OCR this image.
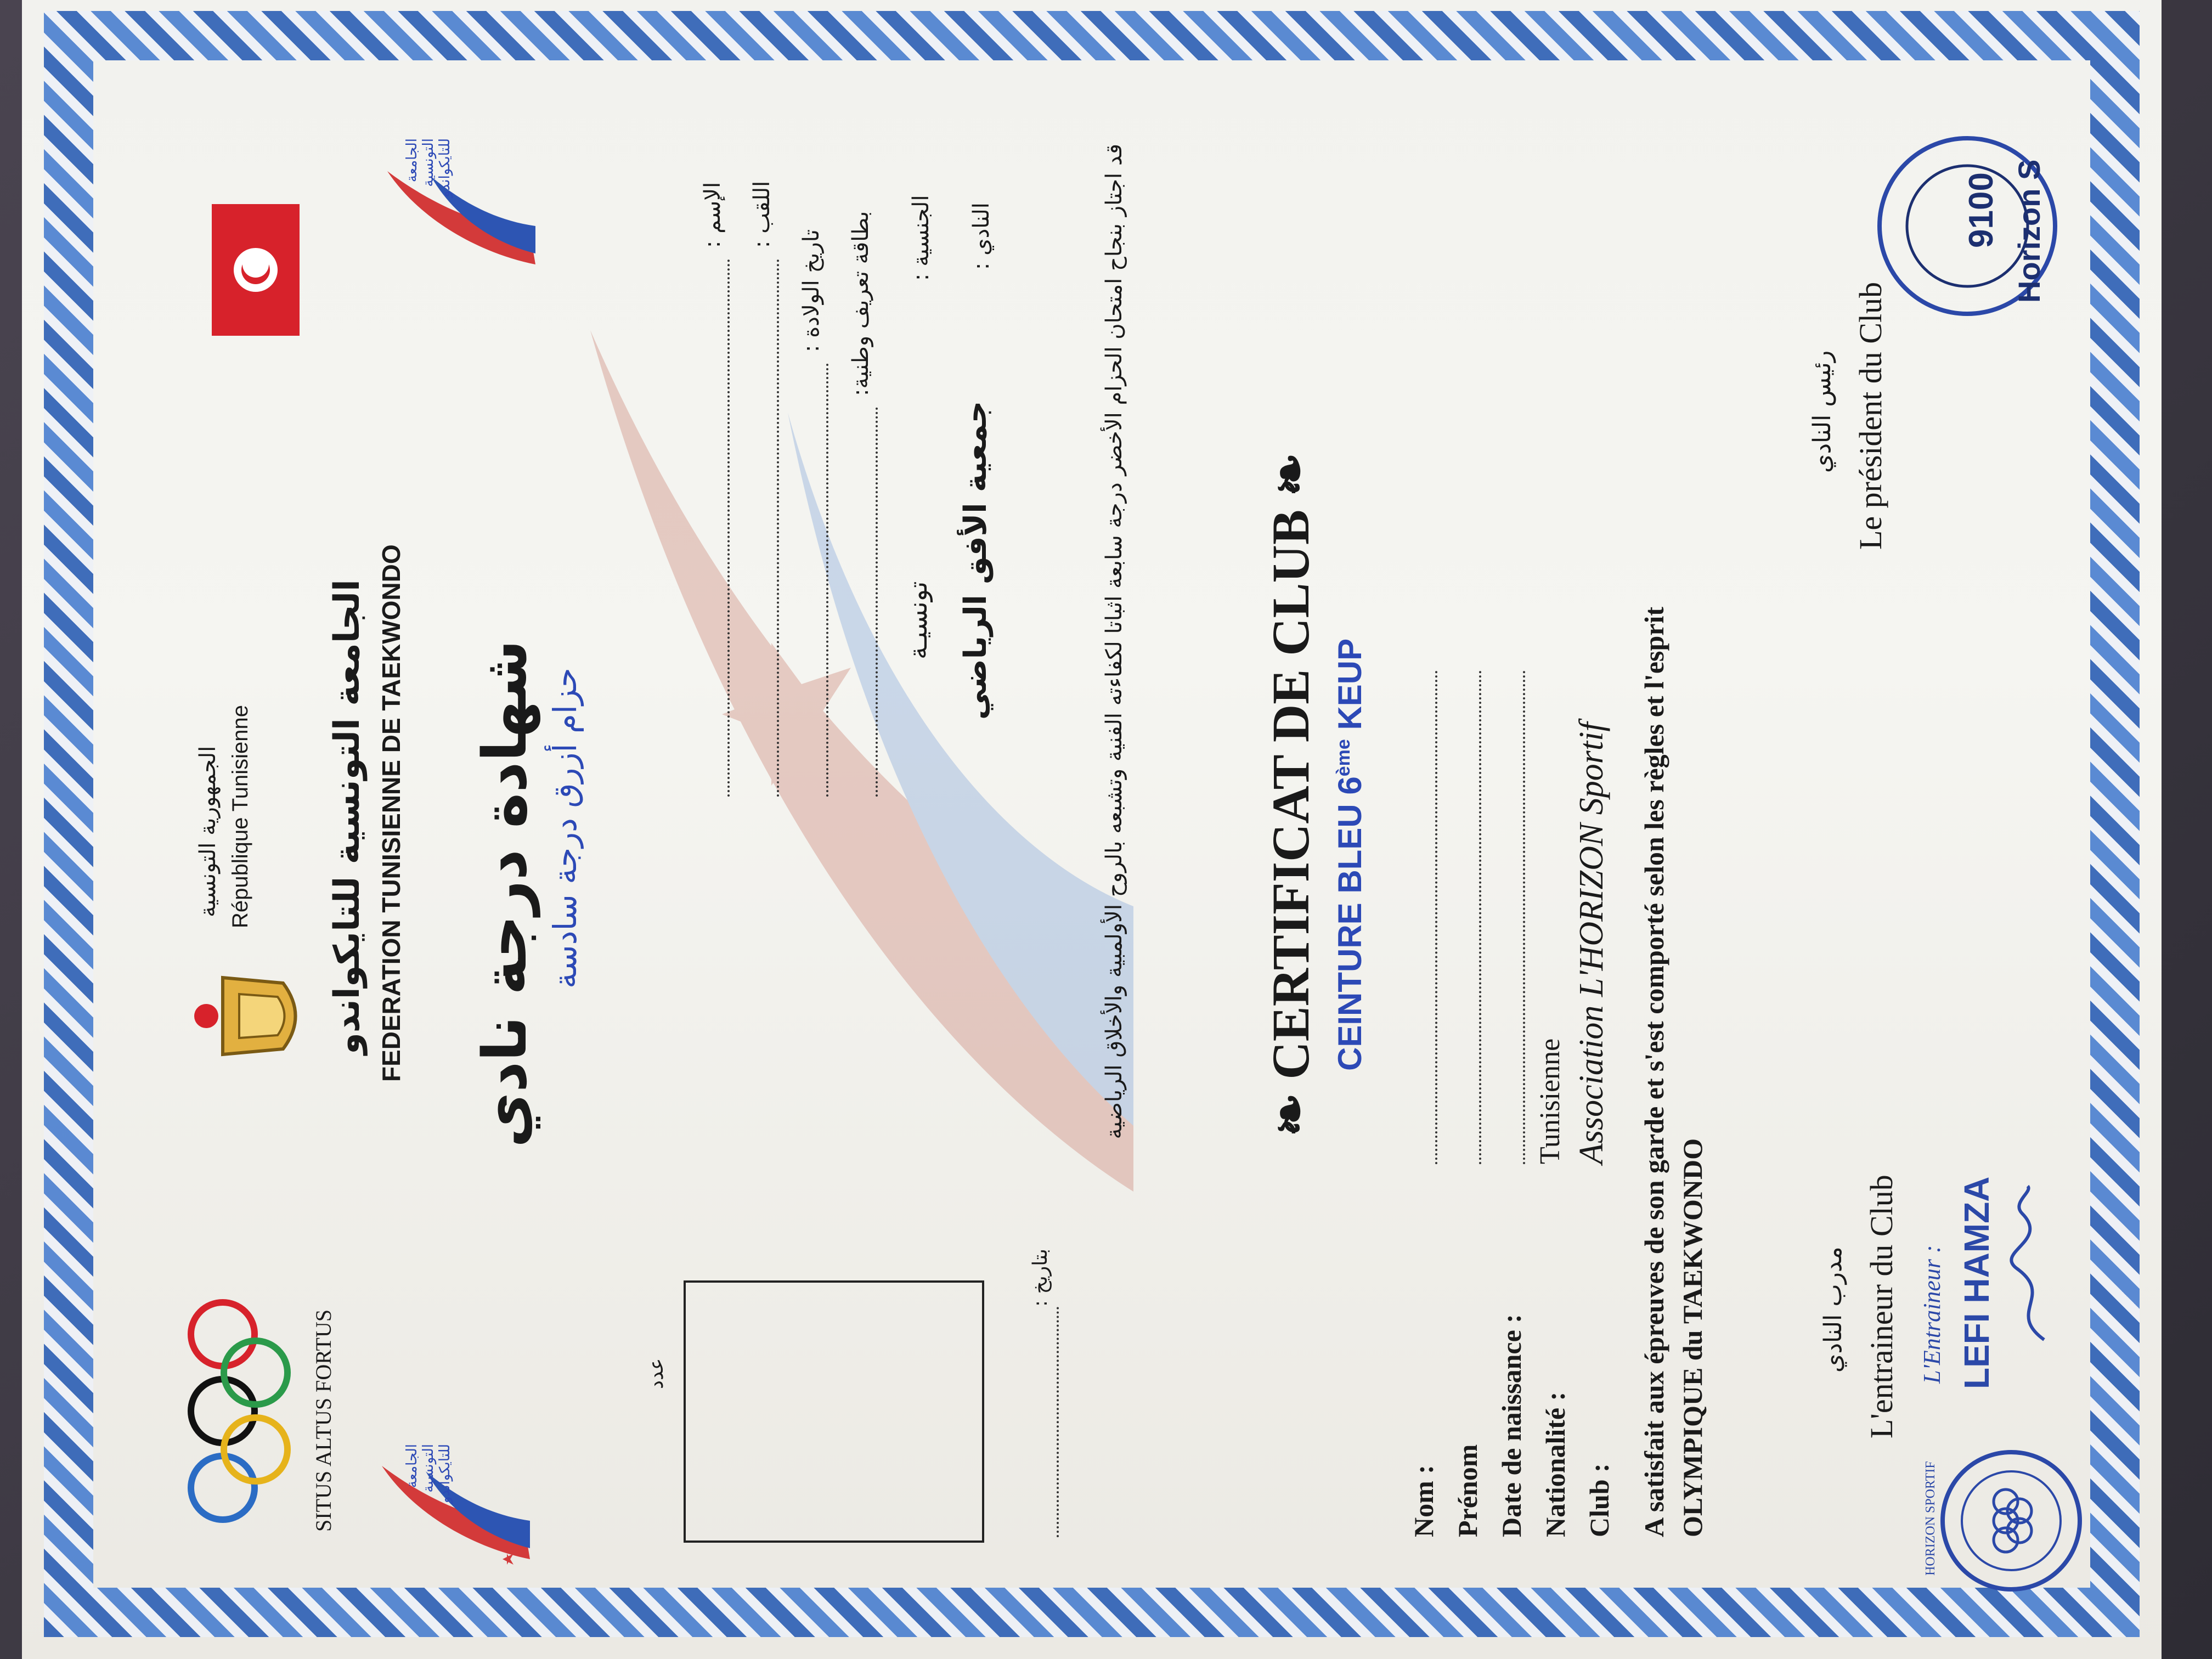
SITUS ALTUS FORTUS
الجمهورية التونسية République Tunisienne الجامعة التونسية للتايكواندو FEDERATION TUNISIENNE DE TAEKWONDO
الجامعة التونسية للتايكواندو
الجامعة التونسية للتايكواندو
شهادة درجة نادي حزام أزرق درجة سادسة
عدد
الإسم : اللقب :
تاريخ الولادة : بطاقة تعريف وطنية: الجنسية :
تونسيـة
النادي :
جمعية الأفق الرياضي
بتاريخ :
قد اجتاز بنجاح امتحان الحزام الأخضر درجة سابعة اثباتا لكفاءته الفنية وتشبعه بالروح الأولمبية والأخلاق الرياضية	❧ CERTIFICAT DE CLUB ❧
CEINTURE BLEU 6ème KEUP
Nom : Prénom Date de naissance : Nationalité :
Tunisienne
Club :
Association L'HORIZON Sportif A satisfait aux épreuves de son garde et s'est comporté selon les règles et l'esprit OLYMPIQUE du TAEKWONDO	مدرب النادي L'entraineur du Club
رئيس النادي Le président du Club
L'Entraineur : LEFI HAMZA
HORIZON SPORTIF
Horizon S
9100
